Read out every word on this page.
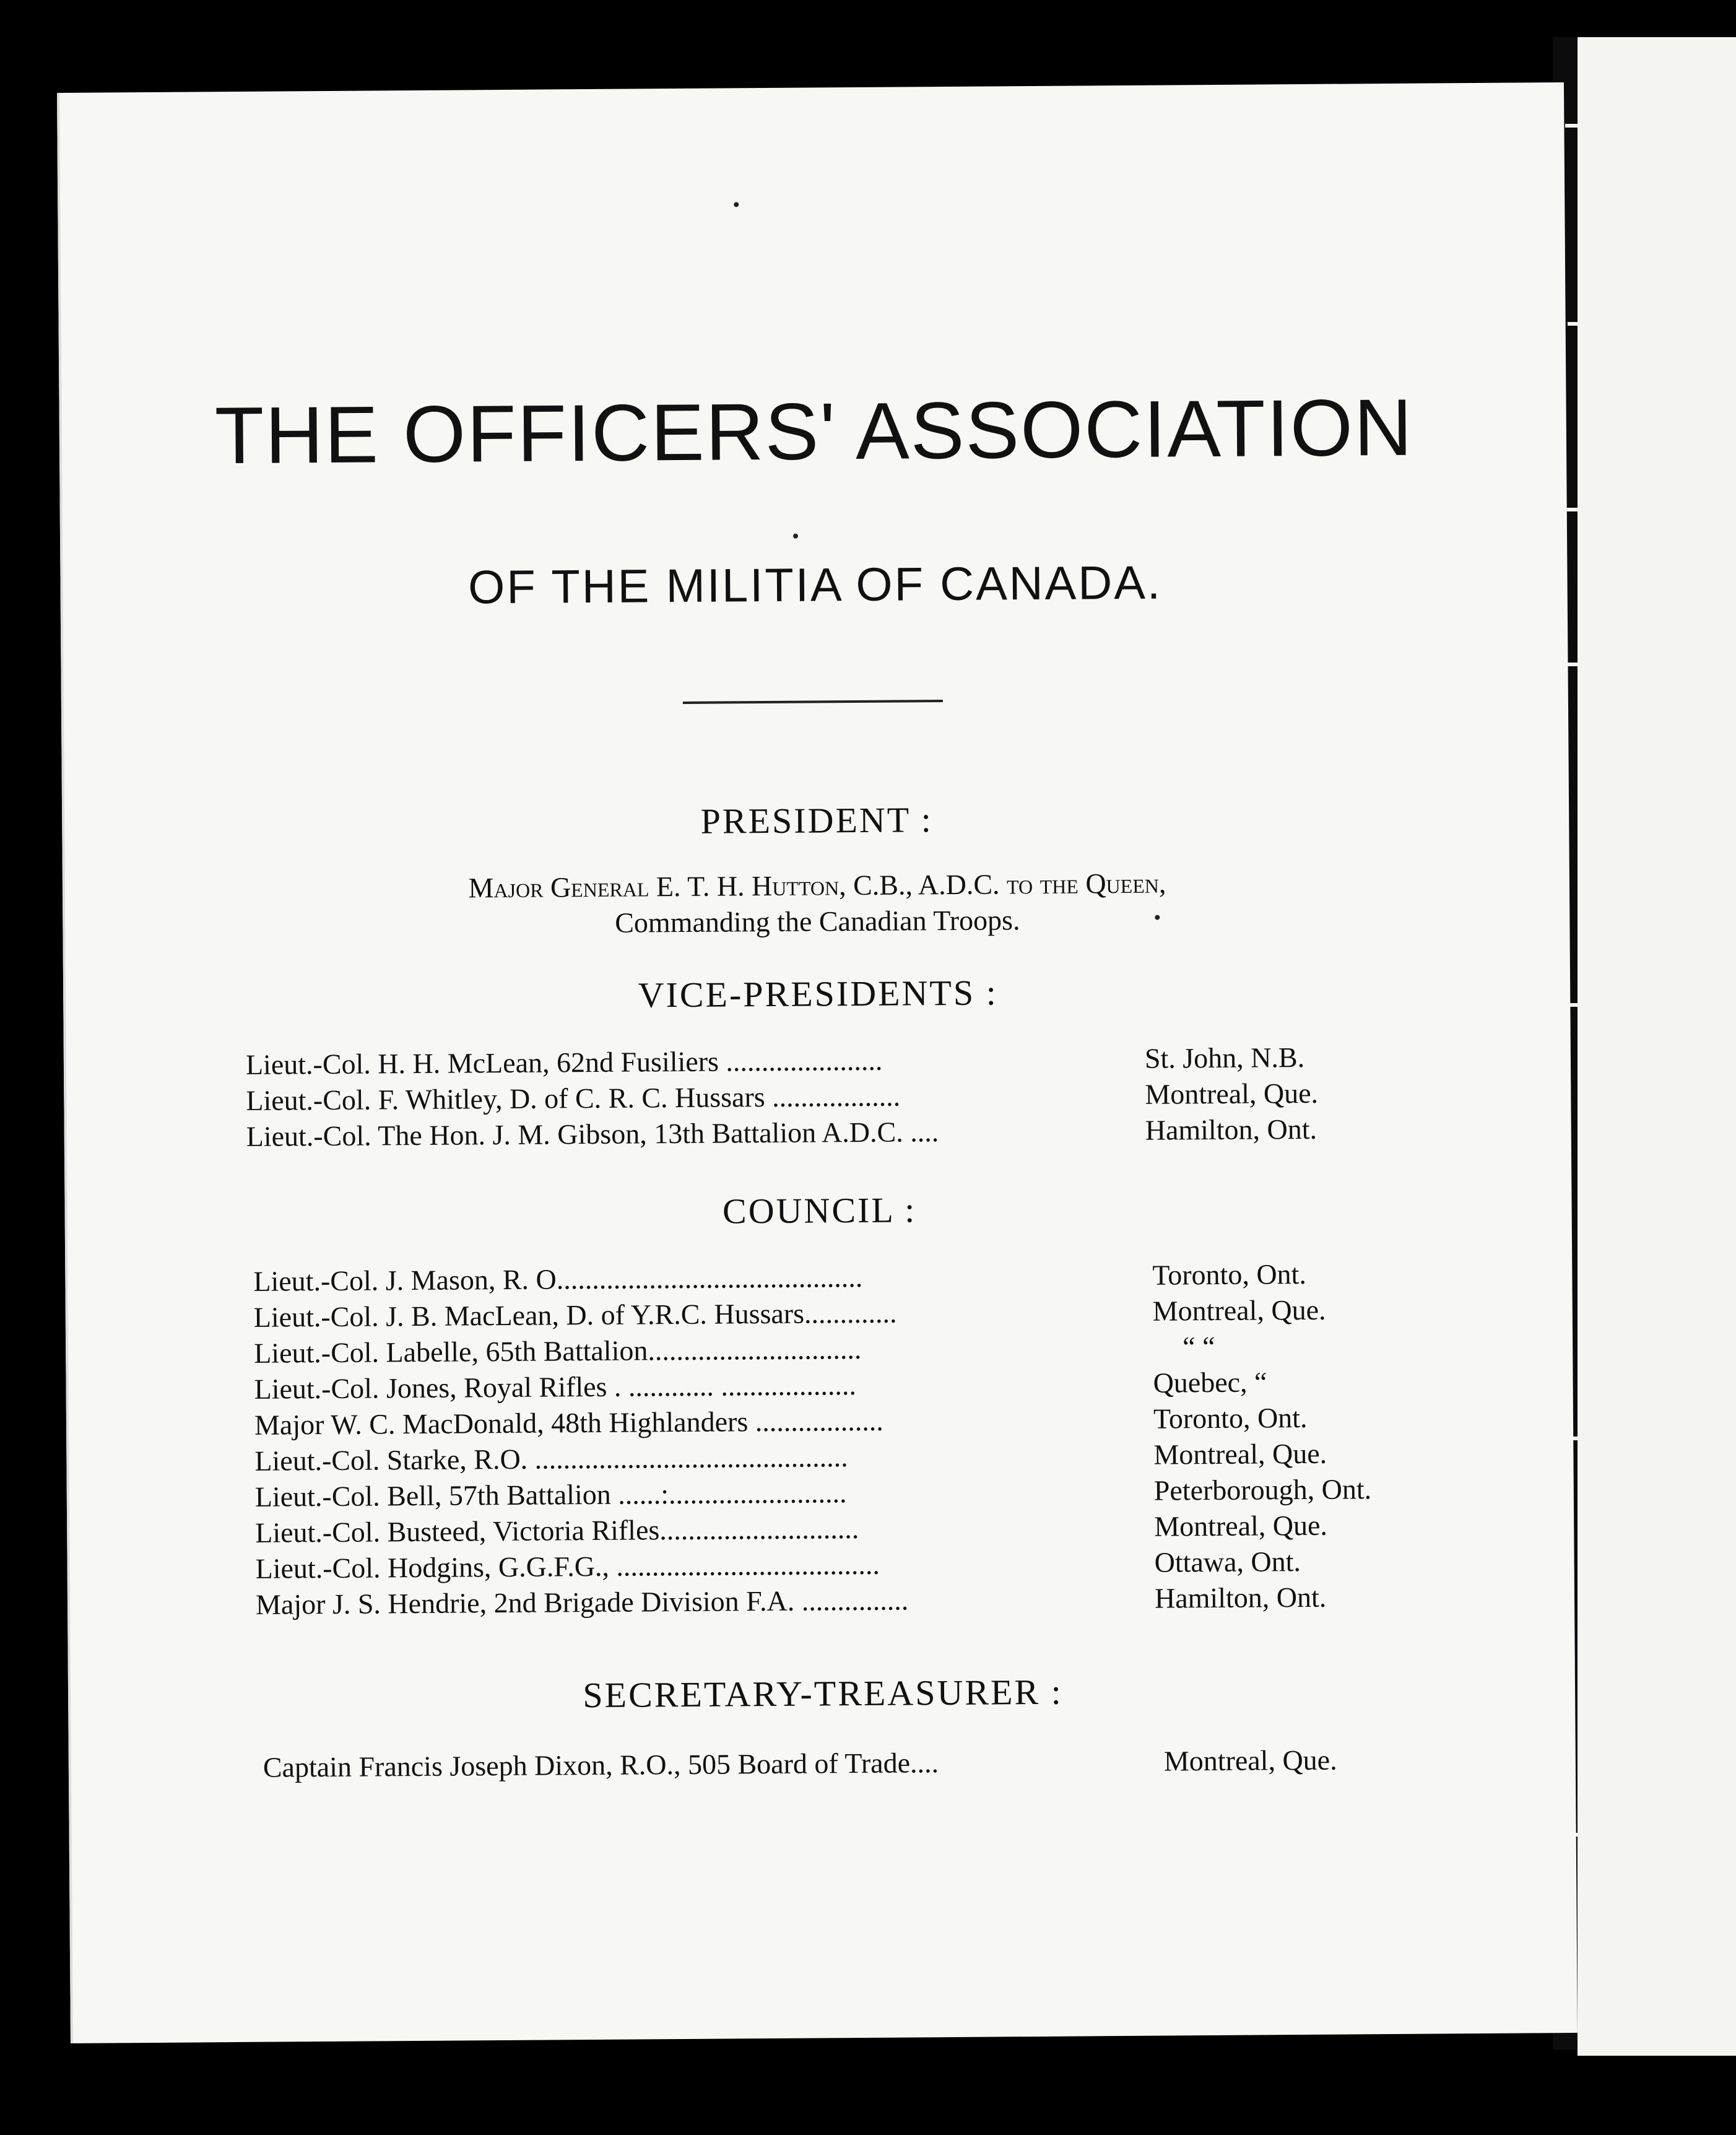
THE OFFICERS' ASSOCIATION
OF THE MILITIA OF CANADA.
PRESIDENT :
Major General E. T. H. Hutton, C.B., A.D.C. to the Queen,
Commanding the Canadian Troops.
VICE-PRESIDENTS :
Lieut.-Col. H. H. McLean, 62nd Fusiliers ......................	St. John, N.B.
Lieut.-Col. F. Whitley, D. of C. R. C. Hussars ..................	Montreal, Que.
Lieut.-Col. The Hon. J. M. Gibson, 13th Battalion A.D.C. ....	Hamilton, Ont.
COUNCIL :
Lieut.-Col. J. Mason, R. O...........................................	Toronto, Ont.
Lieut.-Col. J. B. MacLean, D. of Y.R.C. Hussars.............	Montreal, Que.
Lieut.-Col. Labelle, 65th Battalion..............................	“ “
Lieut.-Col. Jones, Royal Rifles . ............ ...................	Quebec, “
Major W. C. MacDonald, 48th Highlanders ..................	Toronto, Ont.
Lieut.-Col. Starke, R.O. ............................................	Montreal, Que.
Lieut.-Col. Bell, 57th Battalion ......:.........................	Peterborough, Ont.
Lieut.-Col. Busteed, Victoria Rifles............................	Montreal, Que.
Lieut.-Col. Hodgins, G.G.F.G., .....................................	Ottawa, Ont.
Major J. S. Hendrie, 2nd Brigade Division F.A. ...............	Hamilton, Ont.
SECRETARY-TREASURER :
Captain Francis Joseph Dixon, R.O., 505 Board of Trade....	Montreal, Que.
